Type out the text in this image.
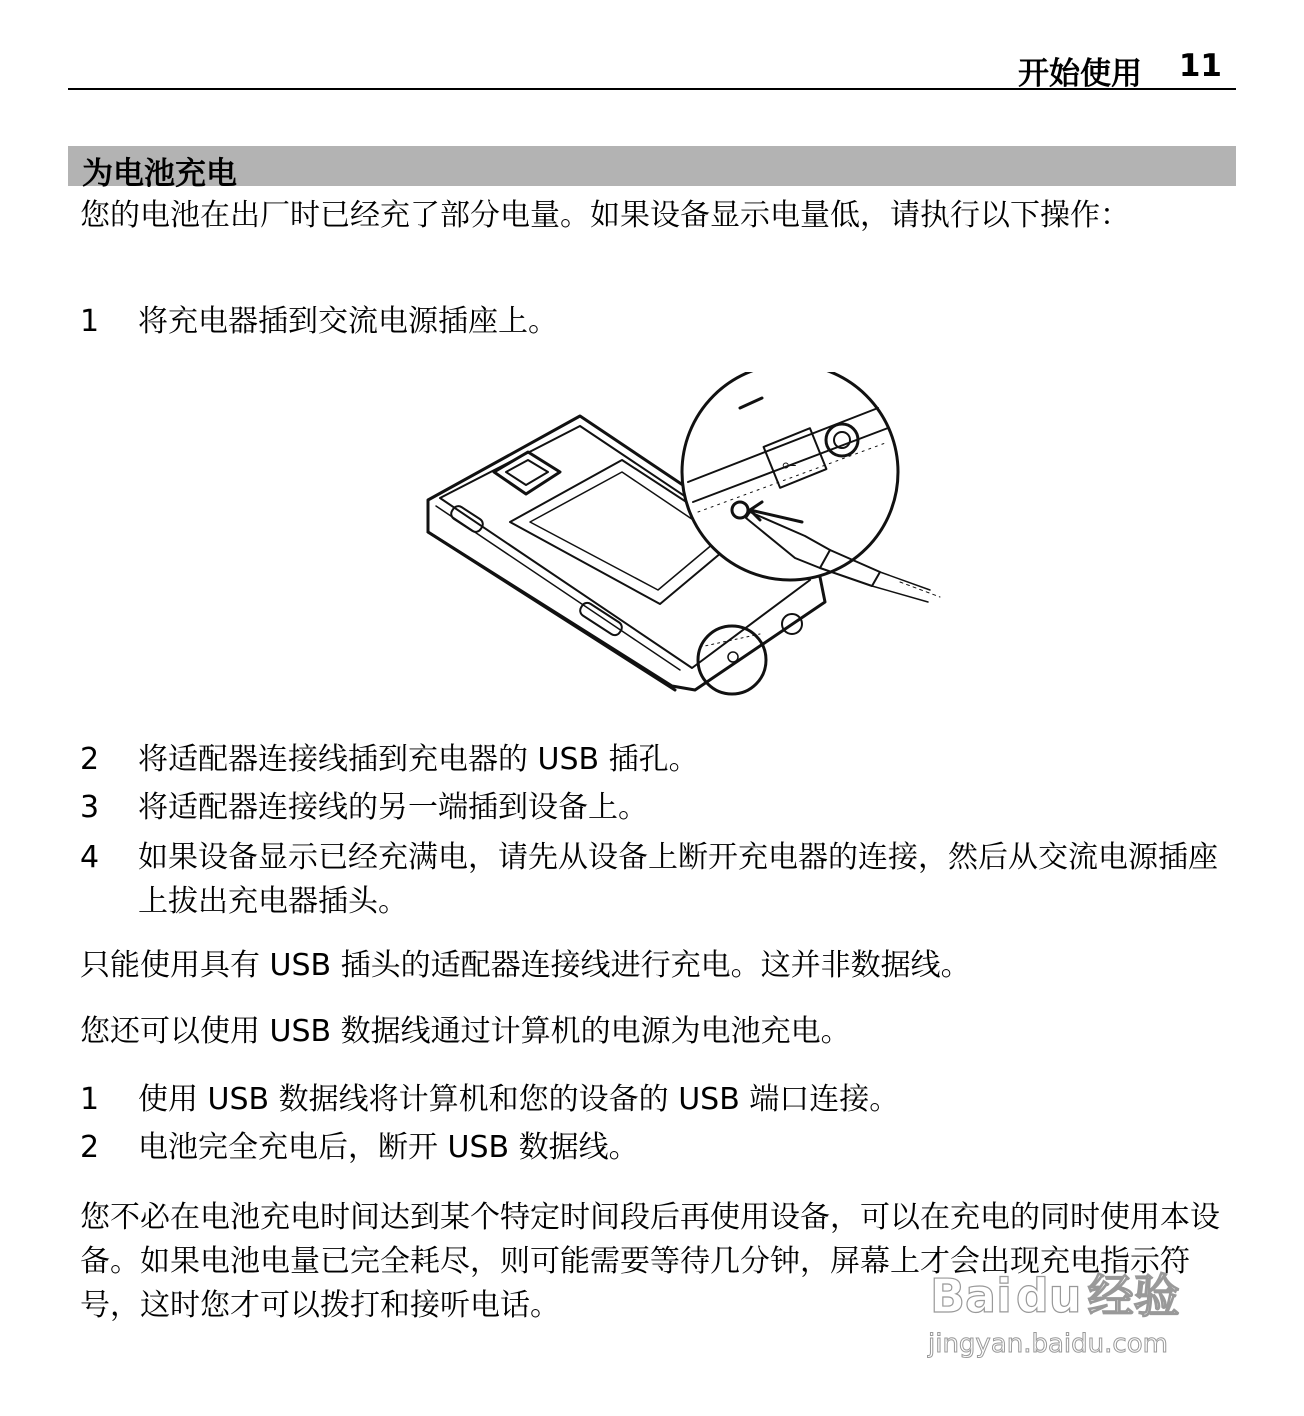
开始使用 11
为电池充电
您的电池在出厂时已经充了部分电量。如果设备显示电量低，请执行以下操作：
1	将充电器插到交流电源插座上。
⟜
2	将适配器连接线插到充电器的 USB 插孔。
3	将适配器连接线的另一端插到设备上。
4	如果设备显示已经充满电，请先从设备上断开充电器的连接，然后从交流电源插座上拔出充电器插头。
只能使用具有 USB 插头的适配器连接线进行充电。这并非数据线。
您还可以使用 USB 数据线通过计算机的电源为电池充电。
1	使用 USB 数据线将计算机和您的设备的 USB 端口连接。
2	电池完全充电后，断开 USB 数据线。
您不必在电池充电时间达到某个特定时间段后再使用设备，可以在充电的同时使用本设备。如果电池电量已完全耗尽，则可能需要等待几分钟，屏幕上才会出现充电指示符号，这时您才可以拨打和接听电话。	Baidu 经验
jingyan.baidu.com
